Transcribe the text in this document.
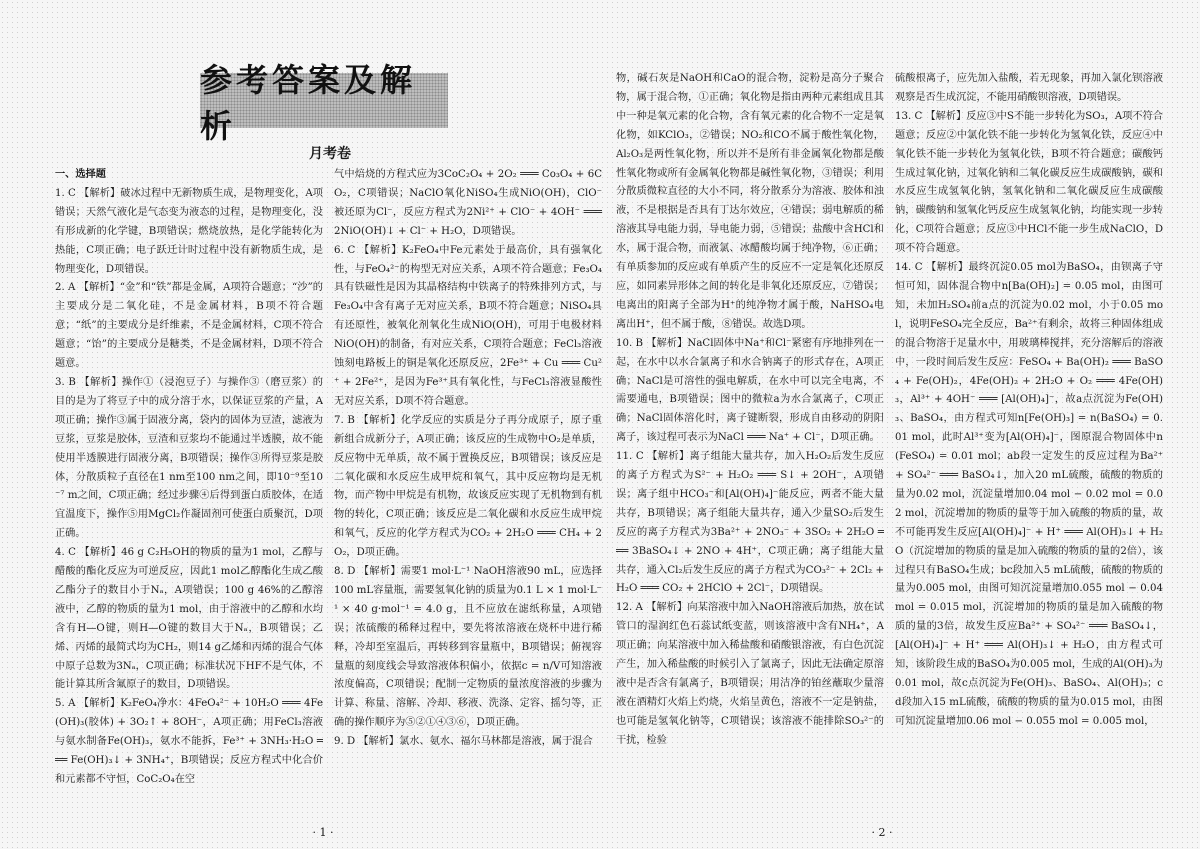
参考答案及解析
月考卷

一、选择题

1. C 【解析】破冰过程中无新物质生成，是物理变化，A项错误；天然气液化是气态变为液态的过程，是物理变化，没有形成新的化学键，B项错误；燃烧放热，是化学能转化为热能，C项正确；电子跃迁计时过程中没有新物质生成，是物理变化，D项错误。

2. A 【解析】“金”和“铁”都是金属，A项符合题意；“沙”的主要成分是二氧化硅，不是金属材料，B项不符合题意；“纸”的主要成分是纤维素，不是金属材料，C项不符合题意；“饴”的主要成分是糖类，不是金属材料，D项不符合题意。

3. B 【解析】操作①（浸泡豆子）与操作③（磨豆浆）的目的是为了将豆子中的成分溶于水，以保证豆浆的产量，A项正确；操作③属于固液分离，袋内的固体为豆渣，滤液为豆浆，豆浆是胶体，豆渣和豆浆均不能通过半透膜，故不能使用半透膜进行固液分离，B项错误；操作③所得豆浆是胶体，分散质粒子直径在1 nm至100 nm之间，即10⁻⁹至10⁻⁷ m之间，C项正确；经过步骤④后得到蛋白质胶体，在适宜温度下，操作⑤用MgCl₂作凝固剂可使蛋白质聚沉，D项正确。

4. C 【解析】46 g C₂H₅OH的物质的量为1 mol，乙醇与醋酸的酯化反应为可逆反应，因此1 mol乙醇酯化生成乙酸乙酯分子的数目小于Nₐ，A项错误；100 g 46%的乙醇溶液中，乙醇的物质的量为1 mol，由于溶液中的乙醇和水均含有H—O键，则H—O键的数目大于Nₐ，B项错误；乙烯、丙烯的最简式均为CH₂，则14 g乙烯和丙烯的混合气体中原子总数为3Nₐ，C项正确；标准状况下HF不是气体，不能计算其所含氟原子的数目，D项错误。

5. A 【解析】K₂FeO₄净水：4FeO₄²⁻ + 10H₂O ═══ 4Fe(OH)₃(胶体) + 3O₂↑ + 8OH⁻，A项正确；用FeCl₃溶液与氨水制备Fe(OH)₃，氨水不能拆，Fe³⁺ + 3NH₃·H₂O ═══ Fe(OH)₃↓ + 3NH₄⁺，B项错误；反应方程式中化合价和元素都不守恒，CoC₂O₄在空

气中焙烧的方程式应为3CoC₂O₄ + 2O₂ ═══ Co₃O₄ + 6CO₂，C项错误；NaClO氧化NiSO₄生成NiO(OH)，ClO⁻被还原为Cl⁻，反应方程式为2Ni²⁺ + ClO⁻ + 4OH⁻ ═══ 2NiO(OH)↓ + Cl⁻ + H₂O，D项错误。

6. C 【解析】K₂FeO₄中Fe元素处于最高价，具有强氧化性，与FeO₄²⁻的构型无对应关系，A项不符合题意；Fe₃O₄具有铁磁性是因为其晶格结构中铁离子的特殊排列方式，与Fe₃O₄中含有离子无对应关系，B项不符合题意；NiSO₄具有还原性，被氧化剂氧化生成NiO(OH)，可用于电极材料NiO(OH)的制备，有对应关系，C项符合题意；FeCl₃溶液蚀刻电路板上的铜是氧化还原反应，2Fe³⁺ + Cu ═══ Cu²⁺ + 2Fe²⁺，是因为Fe³⁺具有氧化性，与FeCl₃溶液显酸性无对应关系，D项不符合题意。

7. B 【解析】化学反应的实质是分子再分成原子，原子重新组合成新分子，A项正确；该反应的生成物中O₂是单质，反应物中无单质，故不属于置换反应，B项错误；该反应是二氧化碳和水反应生成甲烷和氧气，其中反应物均是无机物，而产物中甲烷是有机物，故该反应实现了无机物到有机物的转化，C项正确；该反应是二氧化碳和水反应生成甲烷和氧气，反应的化学方程式为CO₂ + 2H₂O ═══ CH₄ + 2O₂，D项正确。

8. D 【解析】需要1 mol·L⁻¹ NaOH溶液90 mL，应选择100 mL容量瓶，需要氢氧化钠的质量为0.1 L × 1 mol·L⁻¹ × 40 g·mol⁻¹ = 4.0 g，且不应放在滤纸称量，A项错误；浓硫酸的稀释过程中，要先将浓溶液在烧杯中进行稀释，冷却至室温后，再转移到容量瓶中，B项错误；俯视容量瓶的刻度线会导致溶液体积偏小，依据c = n/V可知溶液浓度偏高，C项错误；配制一定物质的量浓度溶液的步骤为计算、称量、溶解、冷却、移液、洗涤、定容、摇匀等，正确的操作顺序为⑤②①④③⑥，D项正确。

9. D 【解析】氯水、氨水、福尔马林都是溶液，属于混合

物，碱石灰是NaOH和CaO的混合物，淀粉是高分子聚合物，属于混合物，①正确；氧化物是指由两种元素组成且其中一种是氧元素的化合物，含有氧元素的化合物不一定是氧化物，如KClO₃，②错误；NO₂和CO不属于酸性氧化物，Al₂O₃是两性氧化物，所以并不是所有非金属氧化物都是酸性氧化物或所有金属氧化物都是碱性氧化物，③错误；利用分散质微粒直径的大小不同，将分散系分为溶液、胶体和浊液，不是根据是否具有丁达尔效应，④错误；弱电解质的稀溶液其导电能力弱，导电能力弱，⑤错误；盐酸中含HCl和水，属于混合物，而液氯、冰醋酸均属于纯净物，⑥正确；有单质参加的反应或有单质产生的反应不一定是氧化还原反应，如同素异形体之间的转化是非氧化还原反应，⑦错误；电离出的阳离子全部为H⁺的纯净物才属于酸，NaHSO₄电离出H⁺，但不属于酸，⑧错误。故选D项。

10. B 【解析】NaCl固体中Na⁺和Cl⁻紧密有序地排列在一起，在水中以水合氯离子和水合钠离子的形式存在，A项正确；NaCl是可溶性的强电解质，在水中可以完全电离，不需要通电，B项错误；图中的微粒a为水合氯离子，C项正确；NaCl固体溶化时，离子键断裂，形成自由移动的阴阳离子，该过程可表示为NaCl ═══ Na⁺ + Cl⁻，D项正确。

11. C 【解析】离子组能大量共存，加入H₂O₂后发生反应的离子方程式为S²⁻ + H₂O₂ ═══ S↓ + 2OH⁻，A项错误；离子组中HCO₃⁻和[Al(OH)₄]⁻能反应，两者不能大量共存，B项错误；离子组能大量共存，通入少量SO₂后发生反应的离子方程式为3Ba²⁺ + 2NO₃⁻ + 3SO₂ + 2H₂O ═══ 3BaSO₄↓ + 2NO + 4H⁺，C项正确；离子组能大量共存，通入Cl₂后发生反应的离子方程式为CO₃²⁻ + 2Cl₂ + H₂O ═══ CO₂ + 2HClO + 2Cl⁻，D项错误。

12. A 【解析】向某溶液中加入NaOH溶液后加热，放在试管口的湿润红色石蕊试纸变蓝，则该溶液中含有NH₄⁺，A项正确；向某溶液中加入稀盐酸和硝酸银溶液，有白色沉淀产生，加入稀盐酸的时候引入了氯离子，因此无法确定原溶液中是否含有氯离子，B项错误；用洁净的铂丝蘸取少量溶液在酒精灯火焰上灼烧，火焰呈黄色，溶液不一定是钠盐，也可能是氢氧化钠等，C项错误；该溶液不能排除SO₃²⁻的干扰，检验

硫酸根离子，应先加入盐酸，若无现象，再加入氯化钡溶液观察是否生成沉淀，不能用硝酸钡溶液，D项错误。

13. C 【解析】反应③中S不能一步转化为SO₃，A项不符合题意；反应②中氯化铁不能一步转化为氢氧化铁，反应④中氧化铁不能一步转化为氢氧化铁，B项不符合题意；碳酸钙生成过氧化钠，过氧化钠和二氧化碳反应生成碳酸钠，碳和水反应生成氢氧化钠，氢氧化钠和二氧化碳反应生成碳酸钠，碳酸钠和氢氧化钙反应生成氢氧化钠，均能实现一步转化，C项符合题意；反应③中HCl不能一步生成NaClO，D项不符合题意。

14. C 【解析】最终沉淀0.05 mol为BaSO₄，由钡离子守恒可知，固体混合物中n[Ba(OH)₂] = 0.05 mol，由图可知，未加H₂SO₄前a点的沉淀为0.02 mol，小于0.05 mol，说明FeSO₄完全反应，Ba²⁺有剩余，故将三种固体组成的混合物溶于足量水中，用玻璃棒搅拌，充分溶解后的溶液中，一段时间后发生反应：FeSO₄ + Ba(OH)₂ ═══ BaSO₄ + Fe(OH)₂，4Fe(OH)₂ + 2H₂O + O₂ ═══ 4Fe(OH)₃，Al³⁺ + 4OH⁻ ═══ [Al(OH)₄]⁻，故a点沉淀为Fe(OH)₃、BaSO₄，由方程式可知n[Fe(OH)₃] = n(BaSO₄) = 0.01 mol，此时Al³⁺变为[Al(OH)₄]⁻，图原混合物固体中n(FeSO₄) = 0.01 mol；ab段一定发生的反应过程为Ba²⁺ + SO₄²⁻ ═══ BaSO₄↓，加入20 mL硫酸，硫酸的物质的量为0.02 mol，沉淀量增加0.04 mol − 0.02 mol = 0.02 mol，沉淀增加的物质的量等于加入硫酸的物质的量，故不可能再发生反应[Al(OH)₄]⁻ + H⁺ ═══ Al(OH)₃↓ + H₂O（沉淀增加的物质的量是加入硫酸的物质的量的2倍），该过程只有BaSO₄生成；bc段加入5 mL硫酸，硫酸的物质的量为0.005 mol，由图可知沉淀量增加0.055 mol − 0.04 mol = 0.015 mol，沉淀增加的物质的量是加入硫酸的物质的量的3倍，故发生反应Ba²⁺ + SO₄²⁻ ═══ BaSO₄↓，[Al(OH)₄]⁻ + H⁺ ═══ Al(OH)₃↓ + H₂O，由方程式可知，该阶段生成的BaSO₄为0.005 mol，生成的Al(OH)₃为0.01 mol，故c点沉淀为Fe(OH)₃、BaSO₄、Al(OH)₃；cd段加入15 mL硫酸，硫酸的物质的量为0.015 mol，由图可知沉淀量增加0.06 mol − 0.055 mol = 0.005 mol，

· 1 ·	· 2 ·
